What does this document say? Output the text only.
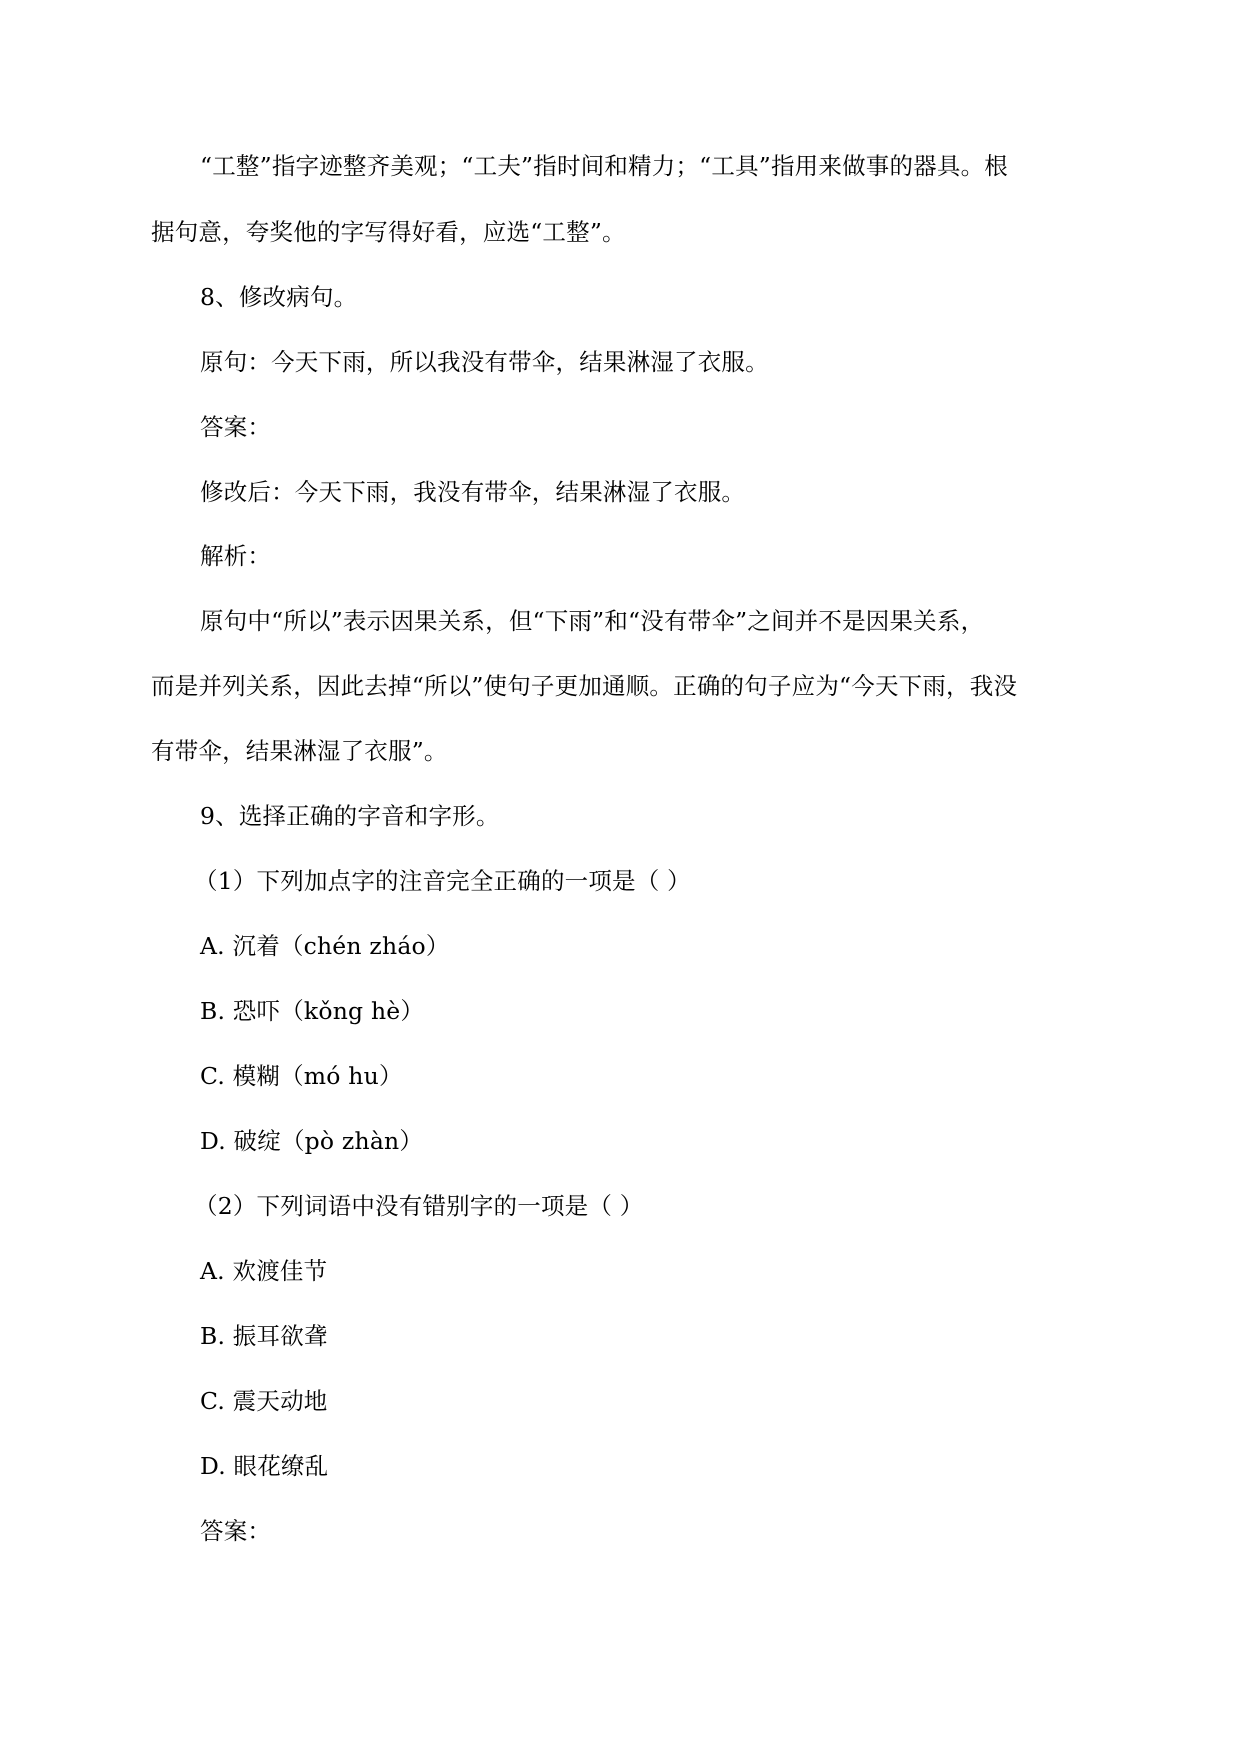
“工整”指字迹整齐美观；“工夫”指时间和精力；“工具”指用来做事的器具。根
据句意，夸奖他的字写得好看，应选“工整”。
8、修改病句。
原句：今天下雨，所以我没有带伞，结果淋湿了衣服。
答案：
修改后：今天下雨，我没有带伞，结果淋湿了衣服。
解析：
原句中“所以”表示因果关系，但“下雨”和“没有带伞”之间并不是因果关系，
而是并列关系，因此去掉“所以”使句子更加通顺。正确的句子应为“今天下雨，我没
有带伞，结果淋湿了衣服”。
9、选择正确的字音和字形。
（1）下列加点字的注音完全正确的一项是（ ）
A. 沉着（chén zháo）
B. 恐吓（kǒng hè）
C. 模糊（mó hu）
D. 破绽（pò zhàn）
（2）下列词语中没有错别字的一项是（ ）
A. 欢渡佳节
B. 振耳欲聋
C. 震天动地
D. 眼花缭乱
答案：
